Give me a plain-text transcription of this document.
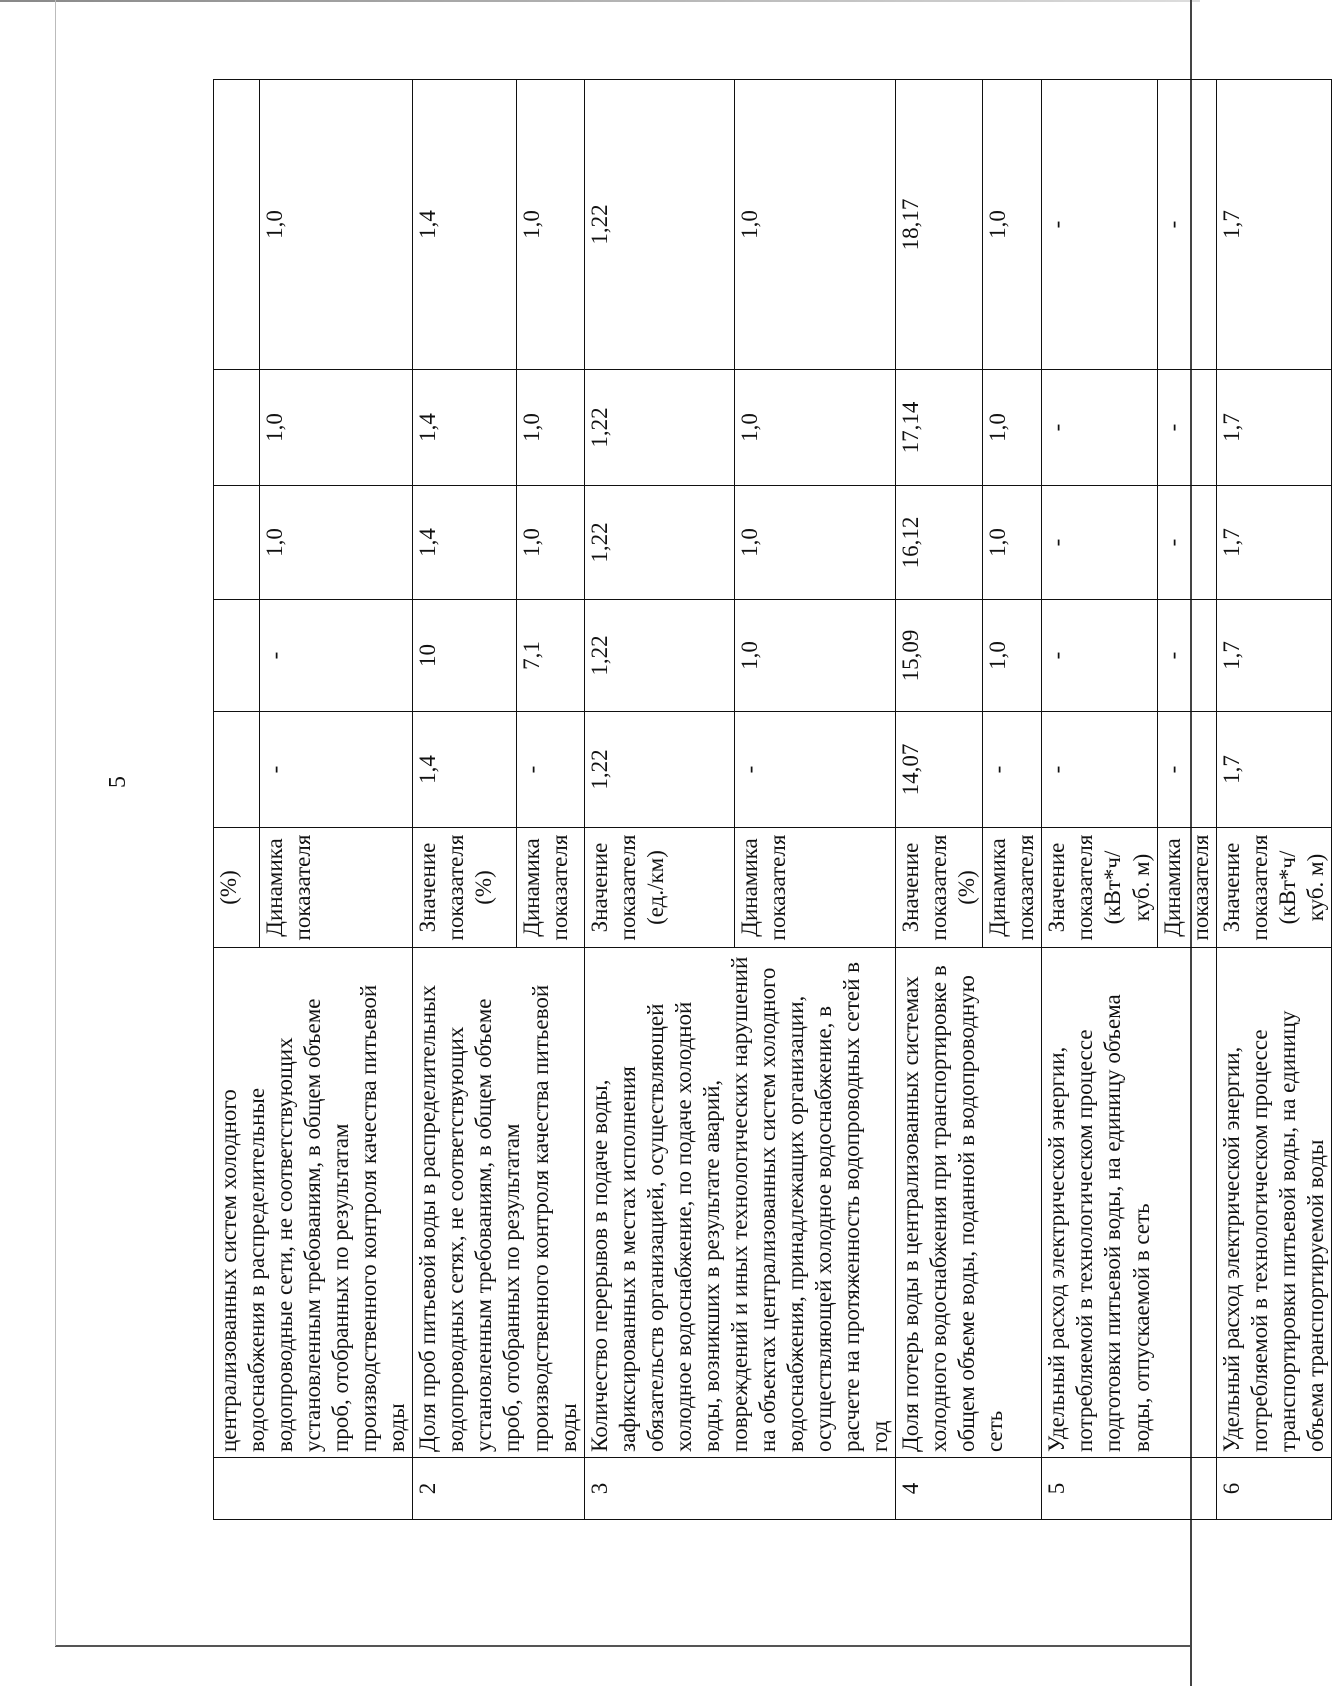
5
	централизованных систем холодного водоснабжения в распределительные водопроводные сети, не соответствующих установленным требованиям, в общем объеме проб, отобранных по результатам производственного контроля качества питьевой воды	(%)					
		Динамика показателя	-	-	1,0	1,0	1,0
2	Доля проб питьевой воды в распределительных водопроводных сетях, не соответствующих установленным требованиям, в общем объеме проб, отобранных по результатам производственного контроля качества питьевой воды	Значение показателя (%)	1,4	10	1,4	1,4	1,4
		Динамика показателя	-	7,1	1,0	1,0	1,0
3	Количество перерывов в подаче воды, зафиксированных в местах исполнения обязательств организацией, осуществляющей холодное водоснабжение, по подаче холодной воды, возникших в результате аварий, повреждений и иных технологических нарушений на объектах централизованных систем холодного водоснабжения, принадлежащих организации, осуществляющей холодное водоснабжение, в расчете на протяженность водопроводных сетей в год	Значение показателя (ед./км)	1,22	1,22	1,22	1,22	1,22
		Динамика показателя	-	1,0	1,0	1,0	1,0

4	Доля потерь воды в централизованных системах холодного водоснабжения при транспортировке в общем объеме воды, поданной в водопроводную сеть	Значение показателя (%)	14,07	15,09	16,12	17,14	18,17
		Динамика показателя	-	1,0	1,0	1,0	1,0
5	Удельный расход электрической энергии, потребляемой в технологическом процессе подготовки питьевой воды, на единицу объема воды, отпускаемой в сеть	Значение показателя (кВт*ч/куб. м)	-	-	-	-	-
		Динамика показателя	-	-	-	-	-
6	Удельный расход электрической энергии, потребляемой в технологическом процессе транспортировки питьевой воды, на единицу объема транспортируемой воды	Значение показателя (кВт*ч/куб. м)	1,7	1,7	1,7	1,7	1,7
